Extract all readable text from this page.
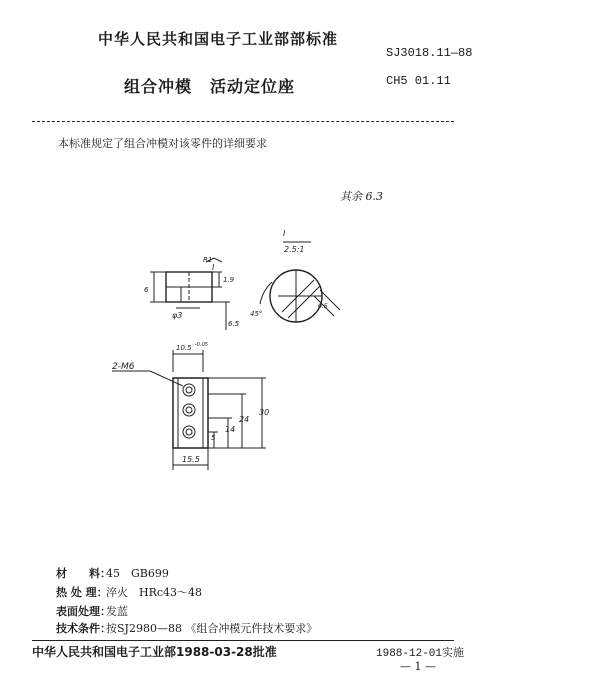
中华人民共和国电子工业部部标准
SJ3018.11—88
组合冲模 活动定位座	CH5 01.11
本标准规定了组合冲模对该零件的详细要求
其余 6.3
I
2.5:1
2-M6
10.5 -0.05
φ3
1.9
6
6.5
45°
R1
30
24
14
5
15.5
I
0.5
材　　料：45　GB699
热 处 理：淬火　HRc43～48
表面处理：发蓝
技术条件：按SJ2980—88 《组合冲模元件技术要求》
中华人民共和国电子工业部1988-03-28批准	1988-12-01实施
— 1 —
